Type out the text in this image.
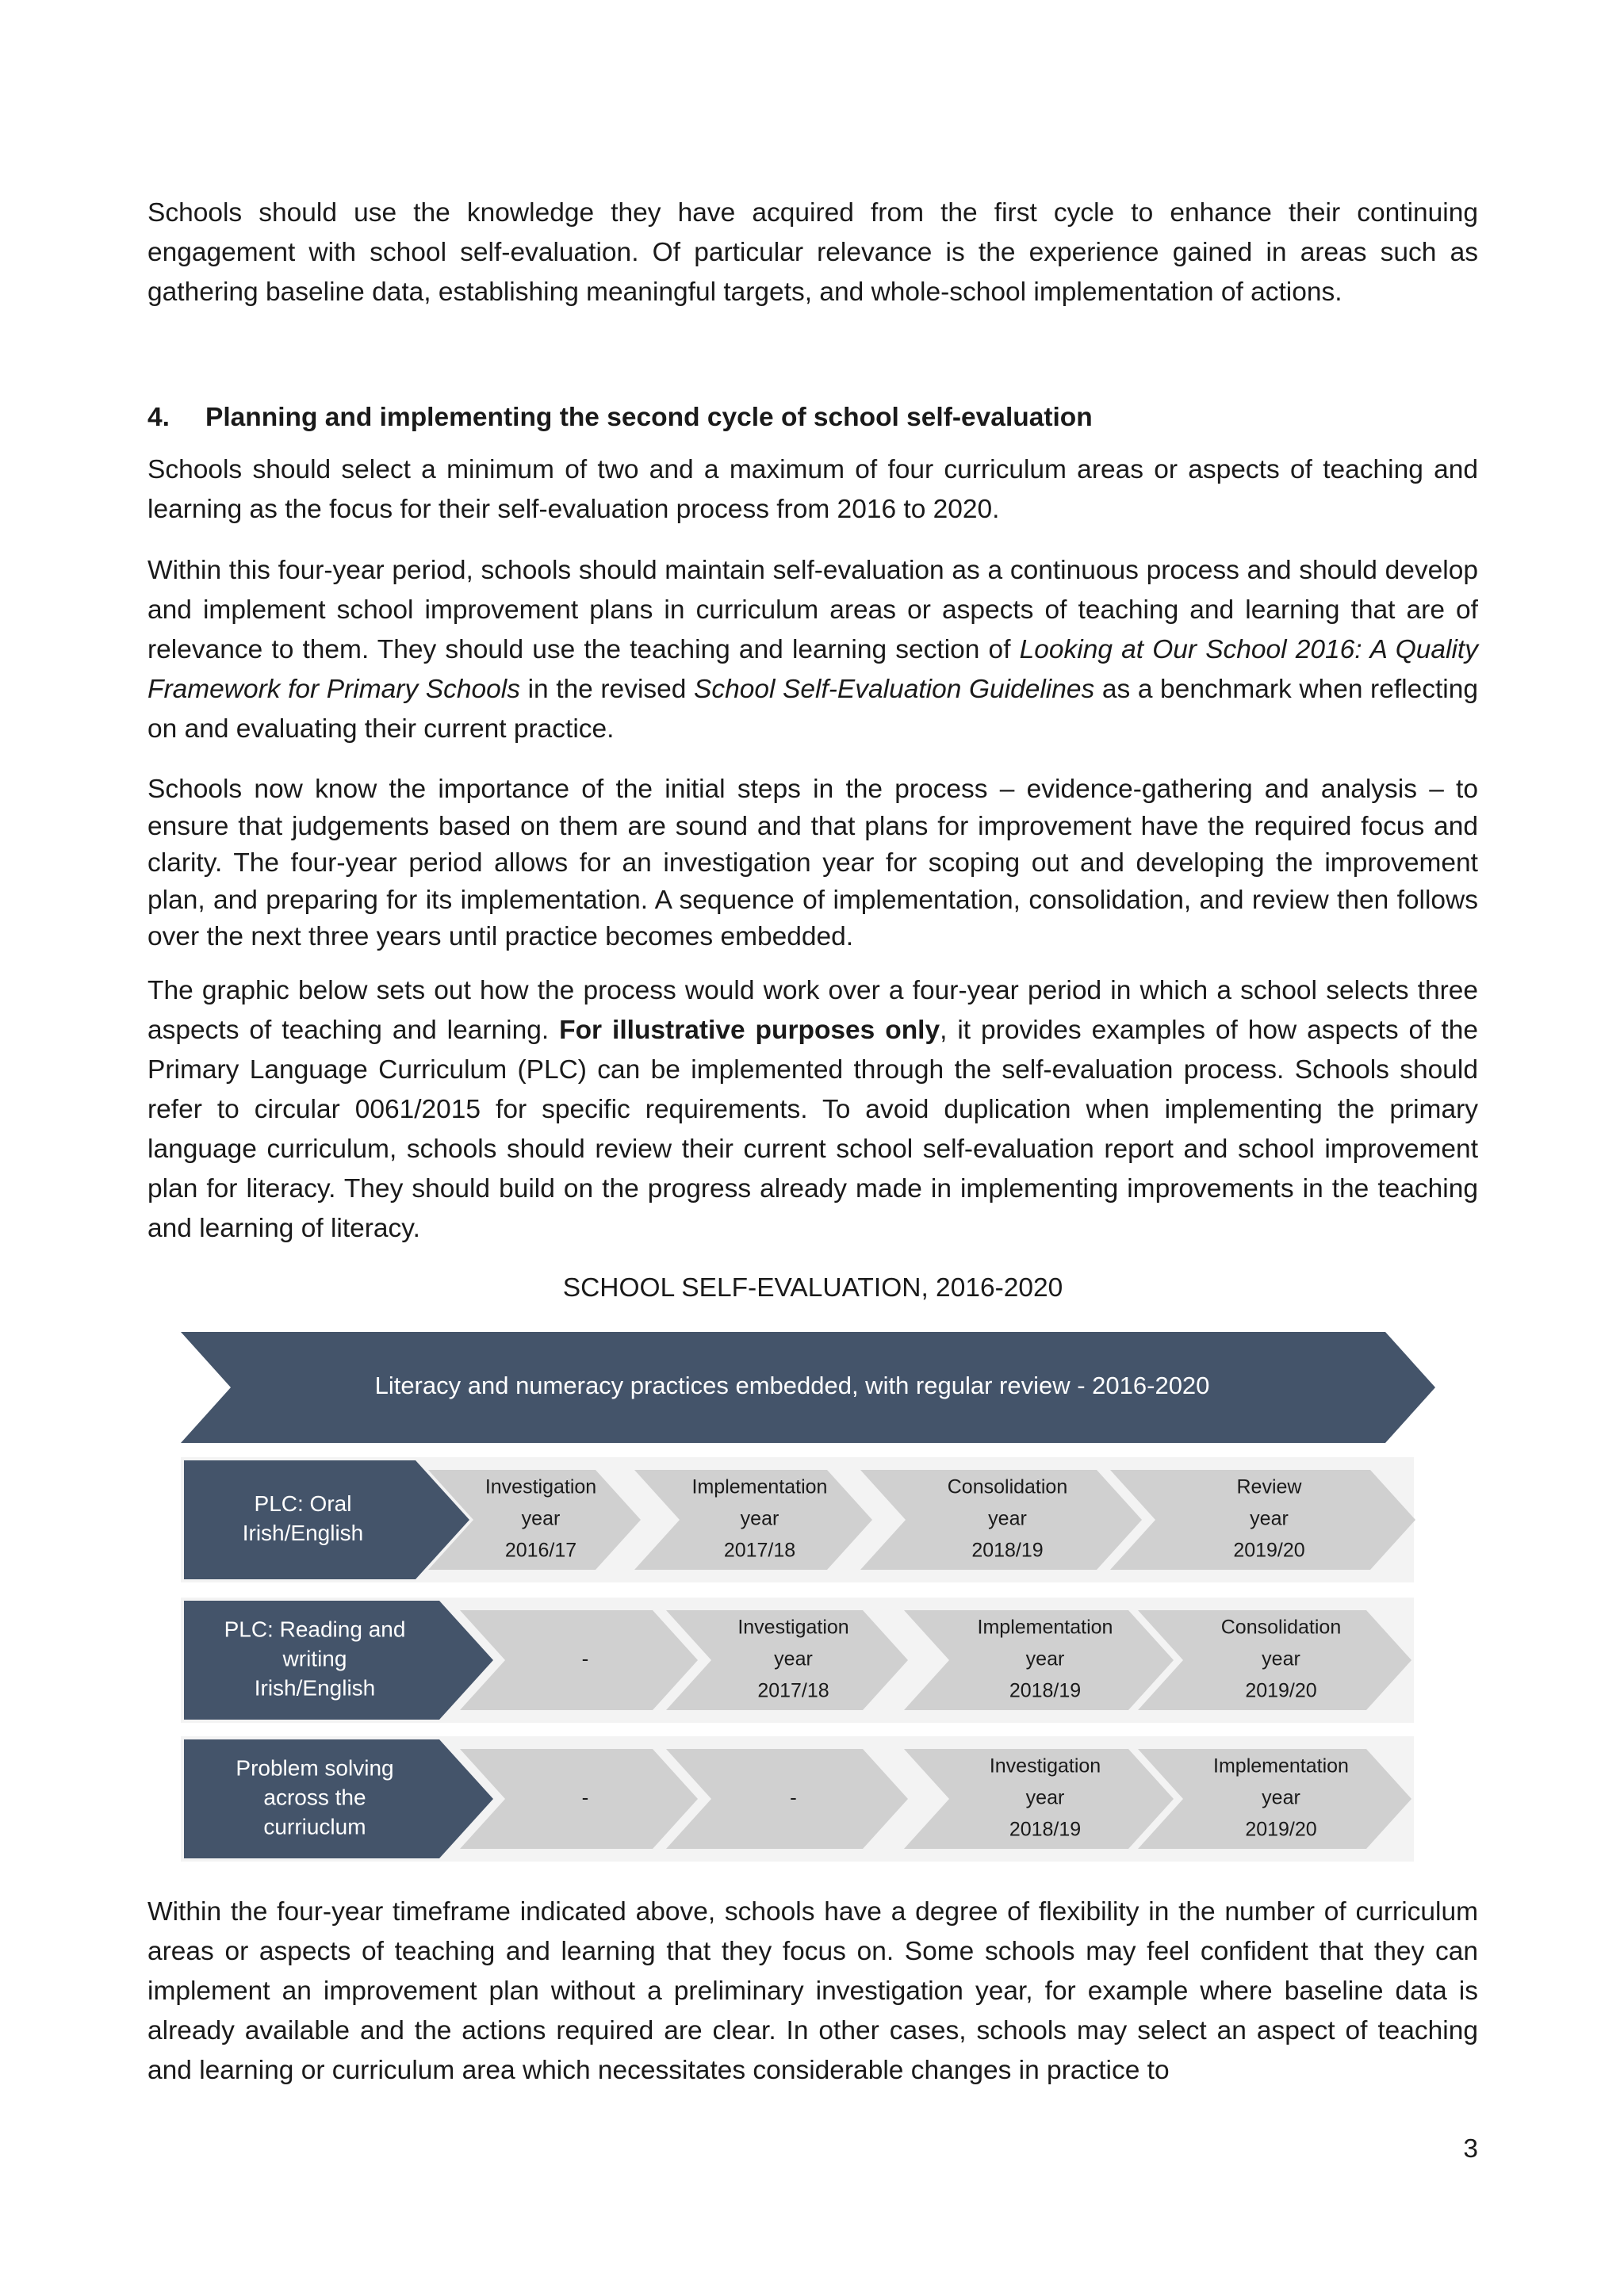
Schools should use the knowledge they have acquired from the first cycle to enhance their continuing engagement with school self-evaluation. Of particular relevance is the experience gained in areas such as gathering baseline data, establishing meaningful targets, and whole-school implementation of actions.

4. Planning and implementing the second cycle of school self-evaluation

Schools should select a minimum of two and a maximum of four curriculum areas or aspects of teaching and learning as the focus for their self-evaluation process from 2016 to 2020.

Within this four-year period, schools should maintain self-evaluation as a continuous process and should develop and implement school improvement plans in curriculum areas or aspects of teaching and learning that are of relevance to them. They should use the teaching and learning section of Looking at Our School 2016: A Quality Framework for Primary Schools in the revised School Self-Evaluation Guidelines as a benchmark when reflecting on and evaluating their current practice.

Schools now know the importance of the initial steps in the process – evidence-gathering and analysis – to ensure that judgements based on them are sound and that plans for improvement have the required focus and clarity. The four-year period allows for an investigation year for scoping out and developing the improvement plan, and preparing for its implementation. A sequence of implementation, consolidation, and review then follows over the next three years until practice becomes embedded.

The graphic below sets out how the process would work over a four-year period in which a school selects three aspects of teaching and learning. For illustrative purposes only, it provides examples of how aspects of the Primary Language Curriculum (PLC) can be implemented through the self-evaluation process. Schools should refer to circular 0061/2015 for specific requirements. To avoid duplication when implementing the primary language curriculum, schools should review their current school self-evaluation report and school improvement plan for literacy. They should build on the progress already made in implementing improvements in the teaching and learning of literacy.

SCHOOL SELF-EVALUATION, 2016-2020

Within the four-year timeframe indicated above, schools have a degree of flexibility in the number of curriculum areas or aspects of teaching and learning that they focus on. Some schools may feel confident that they can implement an improvement plan without a preliminary investigation year, for example where baseline data is already available and the actions required are clear. In other cases, schools may select an aspect of teaching and learning or curriculum area which necessitates considerable changes in practice to

Literacy and numeracy practices embedded, with regular review - 2016-2020
Investigation
year
2016/17
Implementation
year
2017/18
Consolidation
year
2018/19
Review
year
2019/20
PLC: Oral
Irish/English
-
Investigation
year
2017/18
Implementation
year
2018/19
Consolidation
year
2019/20
PLC: Reading and
writing
Irish/English
-	-
Investigation
year
2018/19
Implementation
year
2019/20
Problem solving
across the
curriuclum
3
